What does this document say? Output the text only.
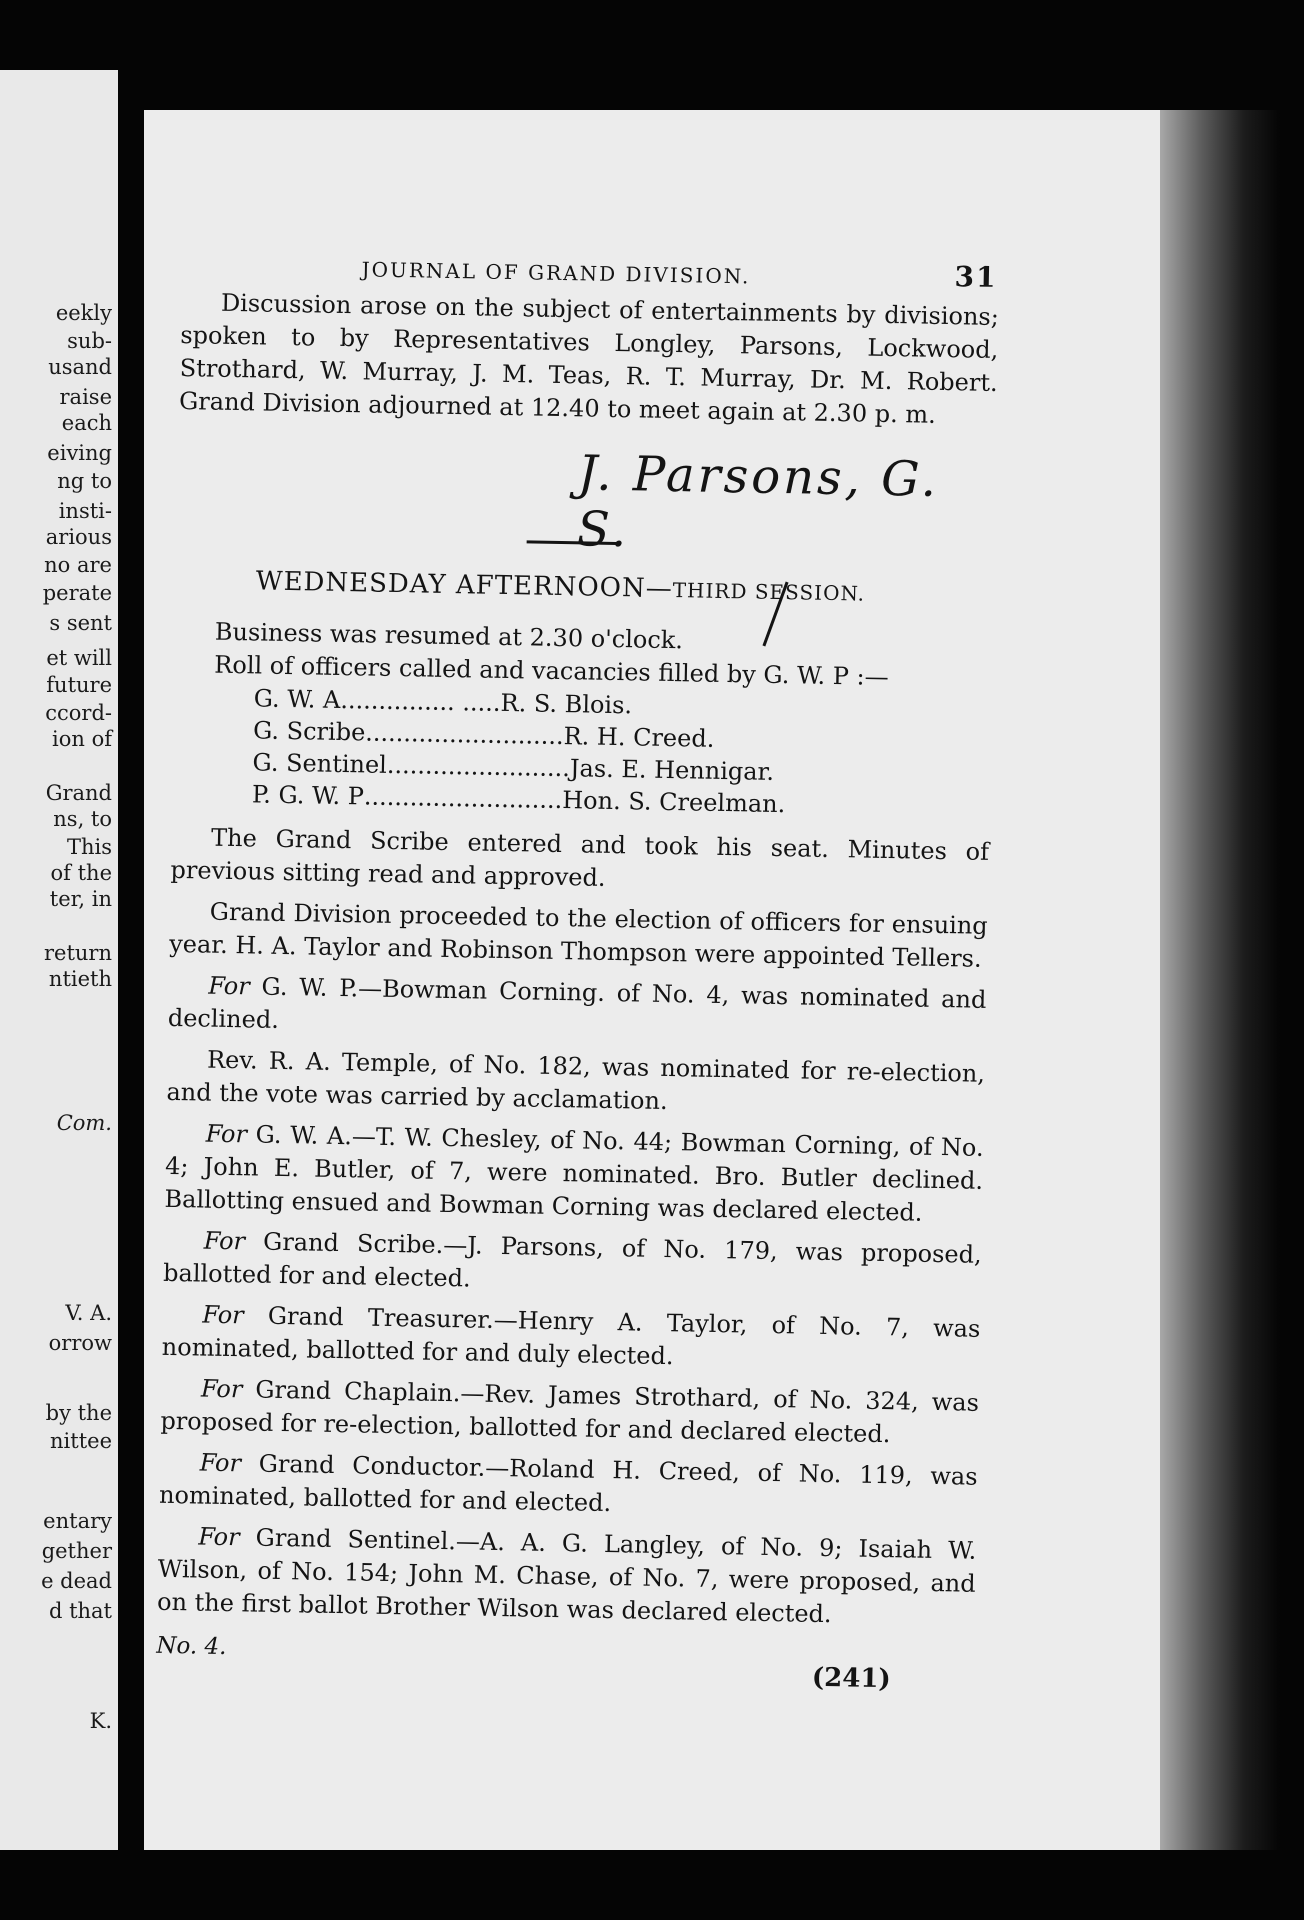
eekly
sub-
usand
raise
each
eiving
ng to
insti-
arious
no are
perate
s sent
et will
future
ccord-
ion of
Grand
ns, to
This
of the
ter, in
return
ntieth
Com.
V. A.
orrow
by the
nittee
entary
gether
e dead
d that
K.
JOURNAL OF GRAND DIVISION.	31

Discussion arose on the subject of entertainments by divisions; spoken to by Representatives Longley, Parsons, Lockwood, Strothard, W. Murray, J. M. Teas, R. T. Murray, Dr. M. Robert. Grand Division adjourned at 12.40 to meet again at 2.30 p. m.

J. Parsons, G. S.
WEDNESDAY AFTERNOON—THIRD SESSION.

Business was resumed at 2.30 o'clock.

Roll of officers called and vacancies filled by G. W. P :—

G. W. A............... .....R. S. Blois.
G. Scribe..........................R. H. Creed.
G. Sentinel........................Jas. E. Hennigar.
P. G. W. P..........................Hon. S. Creelman.

The Grand Scribe entered and took his seat. Minutes of previous sitting read and approved.

Grand Division proceeded to the election of officers for ensuing year. H. A. Taylor and Robinson Thompson were appointed Tellers.

For G. W. P.—Bowman Corning. of No. 4, was nominated and declined.

Rev. R. A. Temple, of No. 182, was nominated for re-election, and the vote was carried by acclamation.

For G. W. A.—T. W. Chesley, of No. 44; Bowman Corning, of No. 4; John E. Butler, of 7, were nominated. Bro. Butler declined. Ballotting ensued and Bowman Corning was declared elected.

For Grand Scribe.—J. Parsons, of No. 179, was proposed, ballotted for and elected.

For Grand Treasurer.—Henry A. Taylor, of No. 7, was nominated, ballotted for and duly elected.

For Grand Chaplain.—Rev. James Strothard, of No. 324, was proposed for re-election, ballotted for and declared elected.

For Grand Conductor.—Roland H. Creed, of No. 119, was nominated, ballotted for and elected.

For Grand Sentinel.—A. A. G. Langley, of No. 9; Isaiah W. Wilson, of No. 154; John M. Chase, of No. 7, were proposed, and on the first ballot Brother Wilson was declared elected.

No. 4.
(241)
